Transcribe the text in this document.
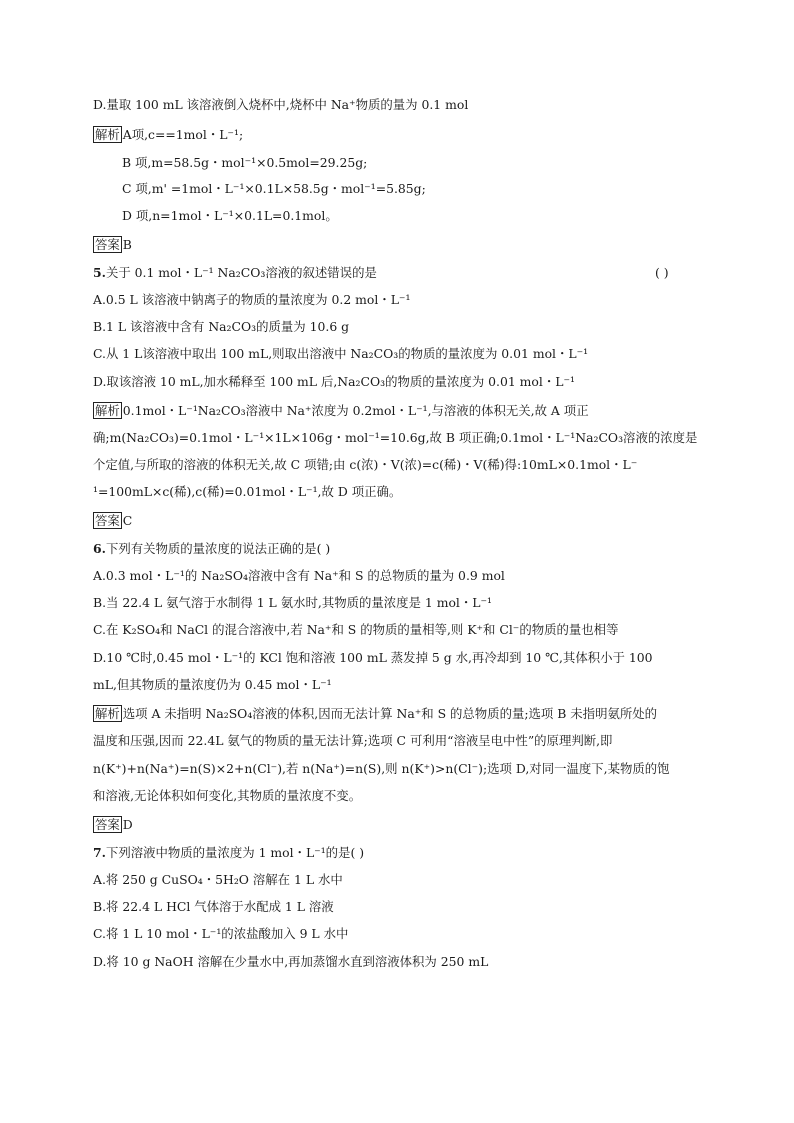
D.量取 100 mL 该溶液倒入烧杯中,烧杯中 Na⁺物质的量为 0.1 mol
解析 A项,c==1mol・L⁻¹;
B 项,m=58.5g・mol⁻¹×0.5mol=29.25g;
C 项,m' =1mol・L⁻¹×0.1L×58.5g・mol⁻¹=5.85g;
D 项,n=1mol・L⁻¹×0.1L=0.1mol。
答案 B
5.关于 0.1 mol・L⁻¹ Na₂CO₃溶液的叙述错误的是	( )
A.0.5 L 该溶液中钠离子的物质的量浓度为 0.2 mol・L⁻¹
B.1 L 该溶液中含有 Na₂CO₃的质量为 10.6 g
C.从 1 L该溶液中取出 100 mL,则取出溶液中 Na₂CO₃的物质的量浓度为 0.01 mol・L⁻¹
D.取该溶液 10 mL,加水稀释至 100 mL 后,Na₂CO₃的物质的量浓度为 0.01 mol・L⁻¹
解析 0.1mol・L⁻¹Na₂CO₃溶液中 Na⁺浓度为 0.2mol・L⁻¹,与溶液的体积无关,故 A 项正
确;m(Na₂CO₃)=0.1mol・L⁻¹×1L×106g・mol⁻¹=10.6g,故 B 项正确;0.1mol・L⁻¹Na₂CO₃溶液的浓度是
个定值,与所取的溶液的体积无关,故 C 项错;由 c(浓)・V(浓)=c(稀)・V(稀)得:10mL×0.1mol・L⁻
¹=100mL×c(稀),c(稀)=0.01mol・L⁻¹,故 D 项正确。
答案 C
6.下列有关物质的量浓度的说法正确的是( )
A.0.3 mol・L⁻¹的 Na₂SO₄溶液中含有 Na⁺和 S 的总物质的量为 0.9 mol
B.当 22.4 L 氨气溶于水制得 1 L 氨水时,其物质的量浓度是 1 mol・L⁻¹
C.在 K₂SO₄和 NaCl 的混合溶液中,若 Na⁺和 S 的物质的量相等,则 K⁺和 Cl⁻的物质的量也相等
D.10 ℃时,0.45 mol・L⁻¹的 KCl 饱和溶液 100 mL 蒸发掉 5 g 水,再冷却到 10 ℃,其体积小于 100
mL,但其物质的量浓度仍为 0.45 mol・L⁻¹
解析 选项 A 未指明 Na₂SO₄溶液的体积,因而无法计算 Na⁺和 S 的总物质的量;选项 B 未指明氨所处的
温度和压强,因而 22.4L 氨气的物质的量无法计算;选项 C 可利用“溶液呈电中性”的原理判断,即
n(K⁺)+n(Na⁺)=n(S)×2+n(Cl⁻),若 n(Na⁺)=n(S),则 n(K⁺)>n(Cl⁻);选项 D,对同一温度下,某物质的饱
和溶液,无论体积如何变化,其物质的量浓度不变。
答案 D
7.下列溶液中物质的量浓度为 1 mol・L⁻¹的是( )
A.将 250 g CuSO₄・5H₂O 溶解在 1 L 水中
B.将 22.4 L HCl 气体溶于水配成 1 L 溶液
C.将 1 L 10 mol・L⁻¹的浓盐酸加入 9 L 水中
D.将 10 g NaOH 溶解在少量水中,再加蒸馏水直到溶液体积为 250 mL
